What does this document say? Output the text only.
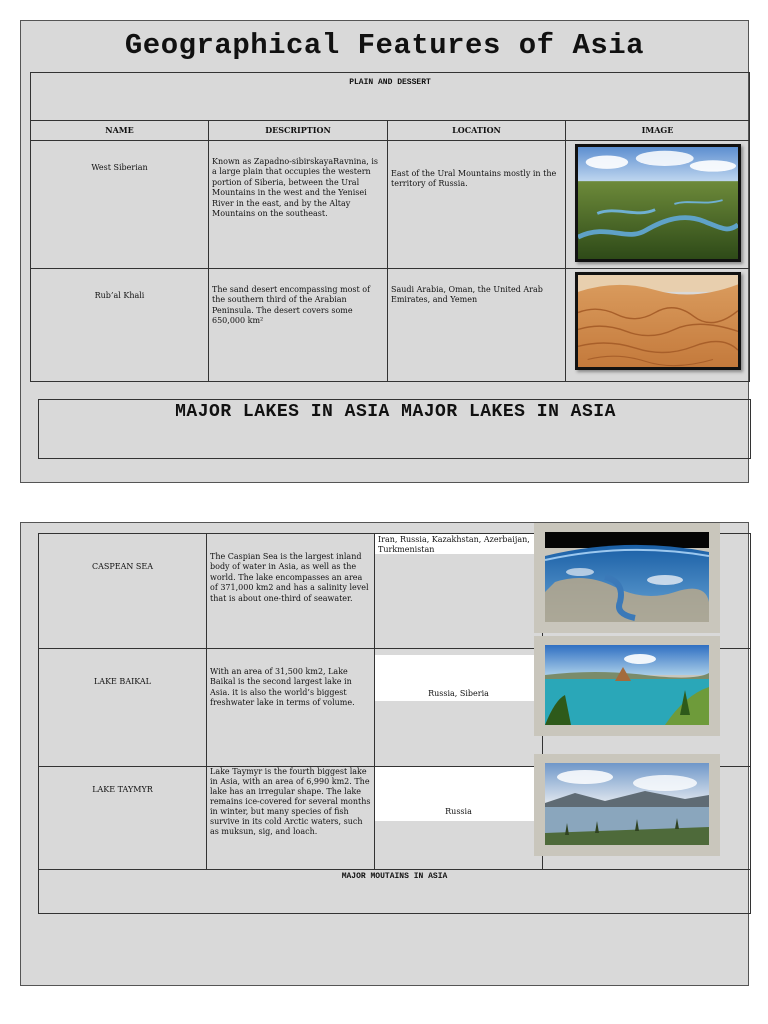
Geographical Features of Asia
PLAIN AND DESSERT			
NAME	DESCRIPTION	LOCATION	IMAGE
West Siberian	Known as Zapadno-sibirskayaRavnina, is a large plain that occupies the western portion of Siberia, between the Ural Mountains in the west and the Yenisei River in the east, and by the Altay Mountains on the southeast.	East of the Ural Mountains mostly in the territory of Russia.	

Rub’al Khali	The sand desert encompassing most of the southern third of the Arabian Peninsula. The desert covers some 650,000 km²	Saudi Arabia, Oman, the United Arab Emirates, and Yemen	
MAJOR LAKES IN ASIA MAJOR LAKES IN ASIA
CASPEAN SEA	The Caspian Sea is the largest inland body of water in Asia, as well as the world. The lake encompasses an area of 371,000 km2 and has a salinity level that is about one-third of seawater.	Iran, Russia, Kazakhstan, Azerbaijan, Turkmenistan	

LAKE BAIKAL	With an area of 31,500 km2, Lake Baikal is the second largest lake in Asia. it is also the world’s biggest freshwater lake in terms of volume.	Russia, Siberia	

LAKE TAYMYR	Lake Taymyr is the fourth biggest lake in Asia, with an area of 6,990 km2. The lake has an irregular shape. The lake remains ice-covered for several months in winter, but many species of fish survive in its cold Arctic waters, such as muksun, sig, and loach.	Russia	

MAJOR MOUTAINS IN ASIA			
